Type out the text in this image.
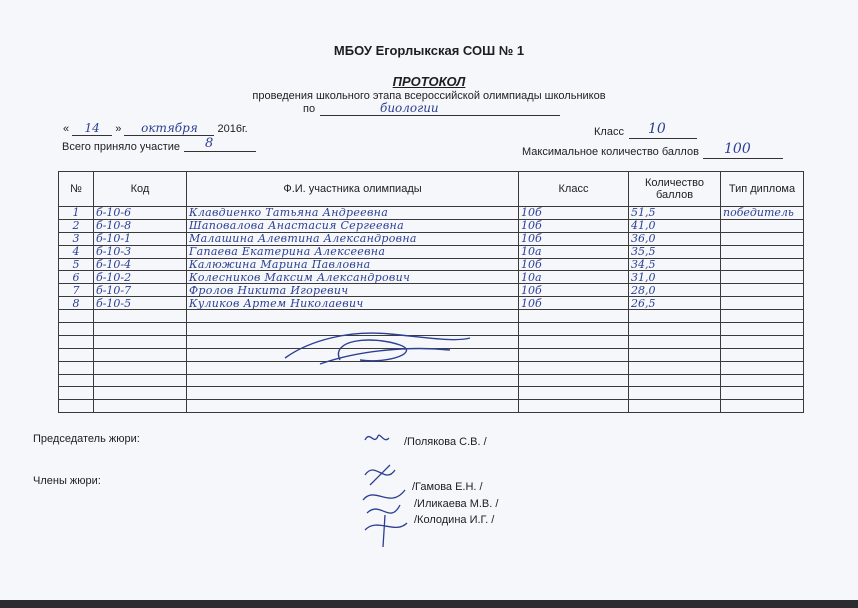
МБОУ Егорлыкская СОШ № 1
ПРОТОКОЛ
проведения школьного этапа всероссийской олимпиады школьников
по	биологии
« 14 » октября 2016г.	Класс 10
Всего приняло участие 8
Максимальное количество баллов 100
№	Код	Ф.И. участника олимпиады	Класс	Количество баллов	Тип диплома
1	б-10-6	Клавдиенко Татьяна Андреевна	10б	51,5	победитель
2	б-10-8	Шаповалова Анастасия Сергеевна	10б	41,0	
3	б-10-1	Малашина Алевтина Александровна	10б	36,0	
4	б-10-3	Гапаева Екатерина Алексеевна	10а	35,5	
5	б-10-4	Калюжина Марина Павловна	10б	34,5	
6	б-10-2	Колесников Максим Александрович	10а	31,0	
7	б-10-7	Фролов Никита Игоревич	10б	28,0	
8	б-10-5	Куликов Артем Николаевич	10б	26,5	

Председатель жюри:	/Полякова С.В. /
Члены жюри:	/Гамова Е.Н. /
/Иликаева М.В. /
/Колодина И.Г. /
